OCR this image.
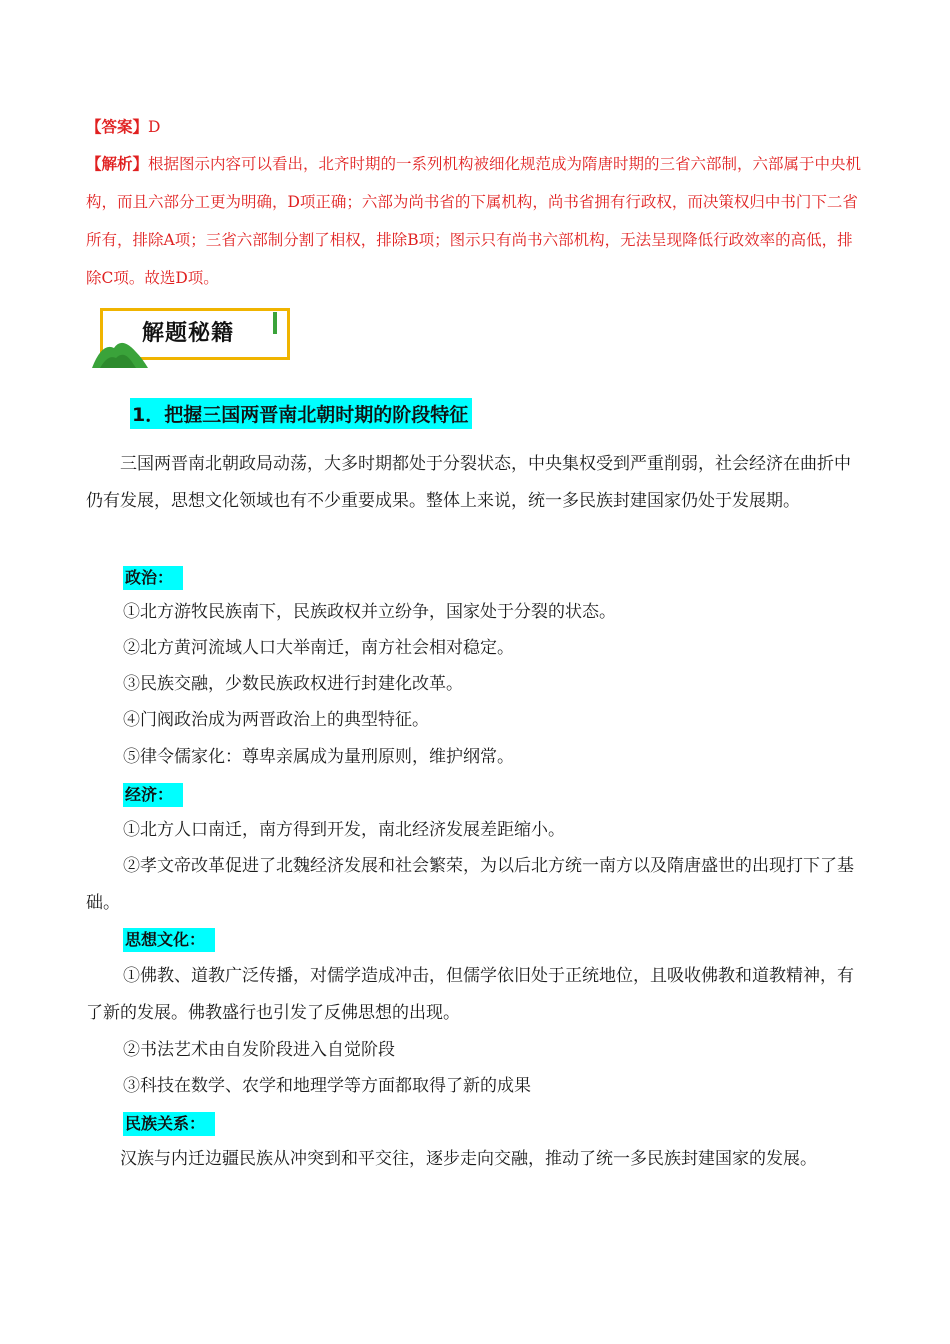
【答案】D
【解析】根据图示内容可以看出，北齐时期的一系列机构被细化规范成为隋唐时期的三省六部制，六部属于中央机构，而且六部分工更为明确，D项正确；六部为尚书省的下属机构，尚书省拥有行政权，而决策权归中书门下二省所有，排除A项；三省六部制分割了相权，排除B项；图示只有尚书六部机构，无法呈现降低行政效率的高低，排除C项。故选D项。
解题秘籍
1．把握三国两晋南北朝时期的阶段特征
三国两晋南北朝政局动荡，大多时期都处于分裂状态，中央集权受到严重削弱，社会经济在曲折中仍有发展，思想文化领域也有不少重要成果。整体上来说，统一多民族封建国家仍处于发展期。
政治：
①北方游牧民族南下，民族政权并立纷争，国家处于分裂的状态。
②北方黄河流域人口大举南迁，南方社会相对稳定。
③民族交融，少数民族政权进行封建化改革。
④门阀政治成为两晋政治上的典型特征。
⑤律令儒家化：尊卑亲属成为量刑原则，维护纲常。
经济：
①北方人口南迁，南方得到开发，南北经济发展差距缩小。
②孝文帝改革促进了北魏经济发展和社会繁荣，为以后北方统一南方以及隋唐盛世的出现打下了基础。
思想文化：
①佛教、道教广泛传播，对儒学造成冲击，但儒学依旧处于正统地位，且吸收佛教和道教精神，有了新的发展。佛教盛行也引发了反佛思想的出现。
②书法艺术由自发阶段进入自觉阶段
③科技在数学、农学和地理学等方面都取得了新的成果
民族关系：
汉族与内迁边疆民族从冲突到和平交往，逐步走向交融，推动了统一多民族封建国家的发展。
